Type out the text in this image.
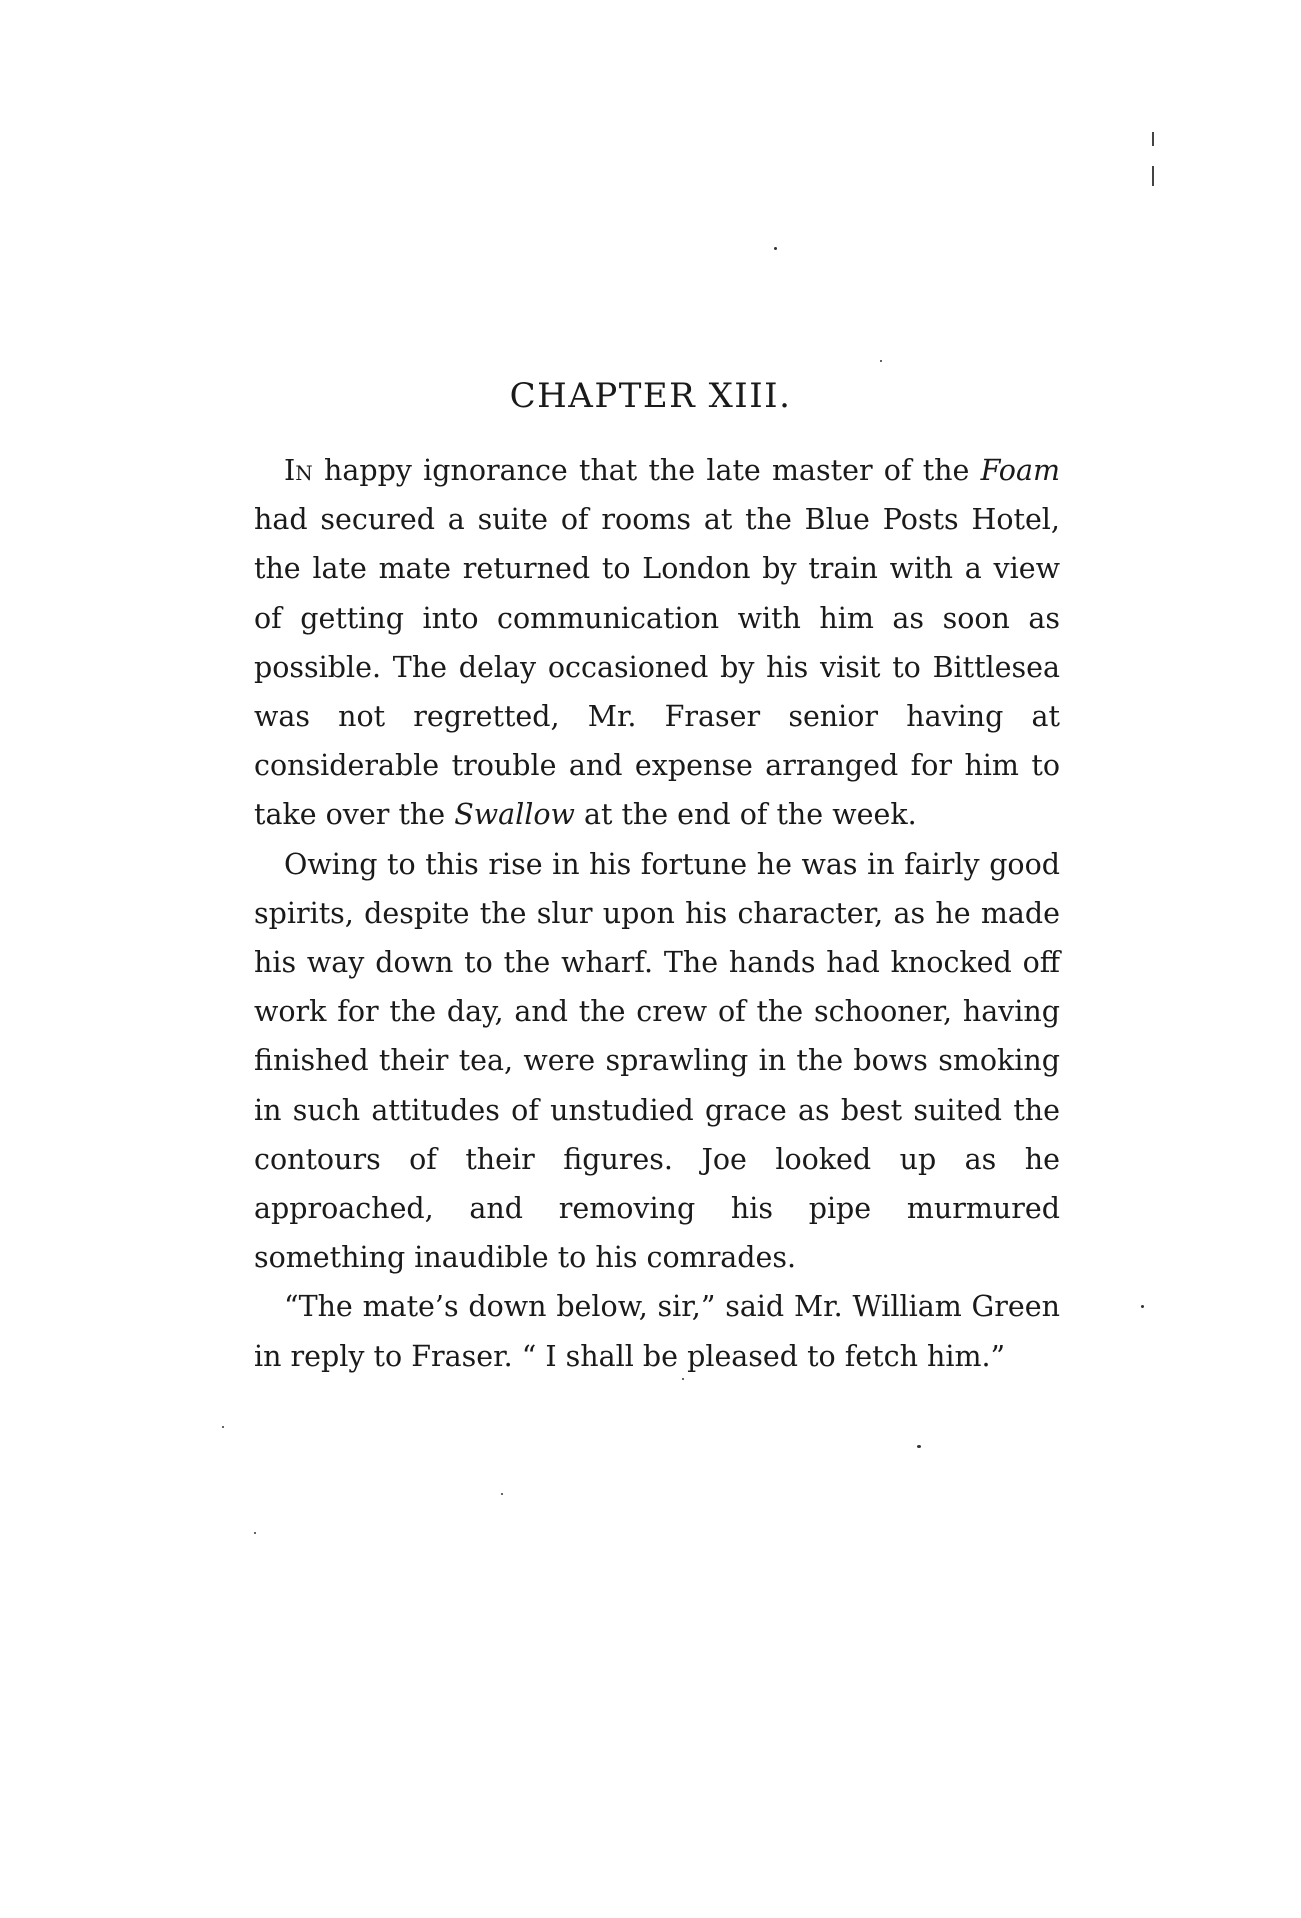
CHAPTER XIII.

In happy ignorance that the late master of the Foam had secured a suite of rooms at the Blue Posts Hotel, the late mate returned to London by train with a view of getting into communication with him as soon as possible. The delay occasioned by his visit to Bittlesea was not regretted, Mr. Fraser senior having at considerable trouble and expense arranged for him to take over the Swallow at the end of the week.

Owing to this rise in his fortune he was in fairly good spirits, despite the slur upon his character, as he made his way down to the wharf. The hands had knocked off work for the day, and the crew of the schooner, having finished their tea, were sprawling in the bows smoking in such attitudes of unstudied grace as best suited the contours of their figures. Joe looked up as he approached, and removing his pipe murmured something inaudible to his comrades.

“The mate’s down below, sir,” said Mr. William Green in reply to Fraser. “ I shall be pleased to fetch him.”
